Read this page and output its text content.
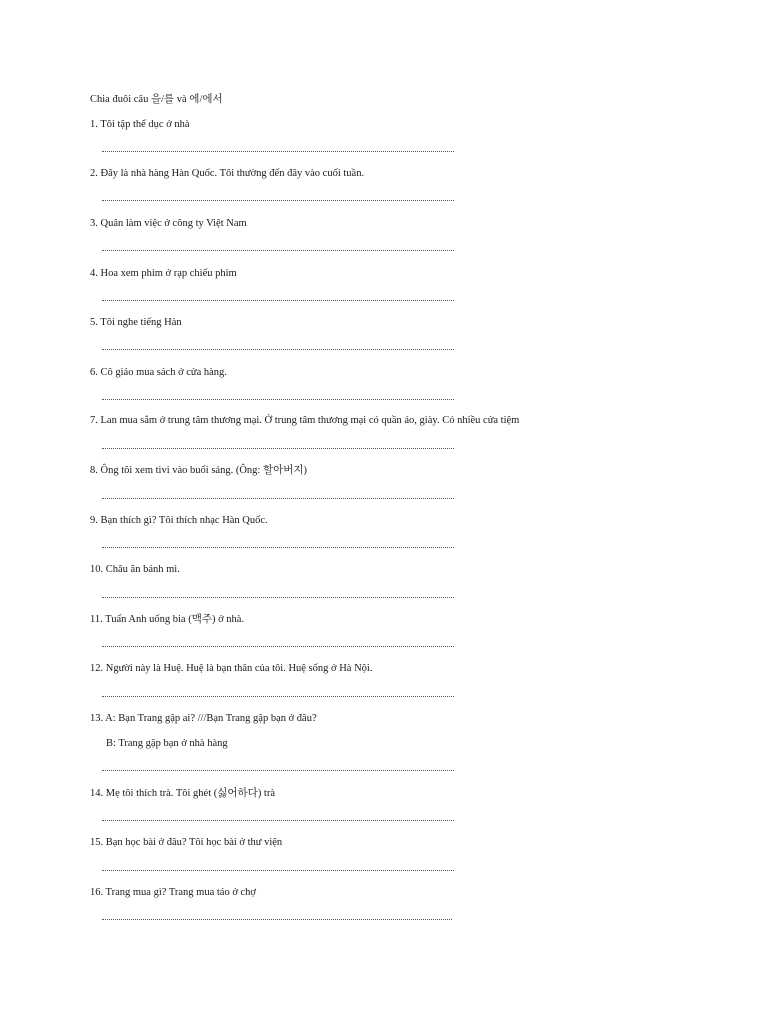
Chia đuôi câu 을/를 và 에/에서
1. Tôi tập thể dục ở nhà
2. Đây là nhà hàng Hàn Quốc. Tôi thường đến đây vào cuối tuần.
3. Quân làm việc ở công ty Việt Nam
4. Hoa xem phim ở rạp chiếu phim
5. Tôi nghe tiếng Hàn
6. Cô giáo mua sách ở cửa hàng.
7. Lan mua sắm ở trung tâm thương mại. Ở trung tâm thương mại có quần áo, giày. Có nhiều cửa tiệm
8. Ông tôi xem tivi vào buổi sáng. (Ông: 할아버지)
9. Bạn thích gì? Tôi thích nhạc Hàn Quốc.
10. Châu ăn bánh mì.
11. Tuấn Anh uống bia (맥주) ở nhà.
12. Người này là Huệ. Huệ là bạn thân của tôi. Huệ sống ở Hà Nội.
13. A: Bạn Trang gặp ai? ///Bạn Trang gặp bạn ở đâu?
B: Trang gặp bạn ở nhà hàng
14. Mẹ tôi thích trà. Tôi ghét (싫어하다) trà
15. Bạn học bài ở đâu? Tôi học bài ở thư viện
16. Trang mua gì? Trang mua táo ở chợ
